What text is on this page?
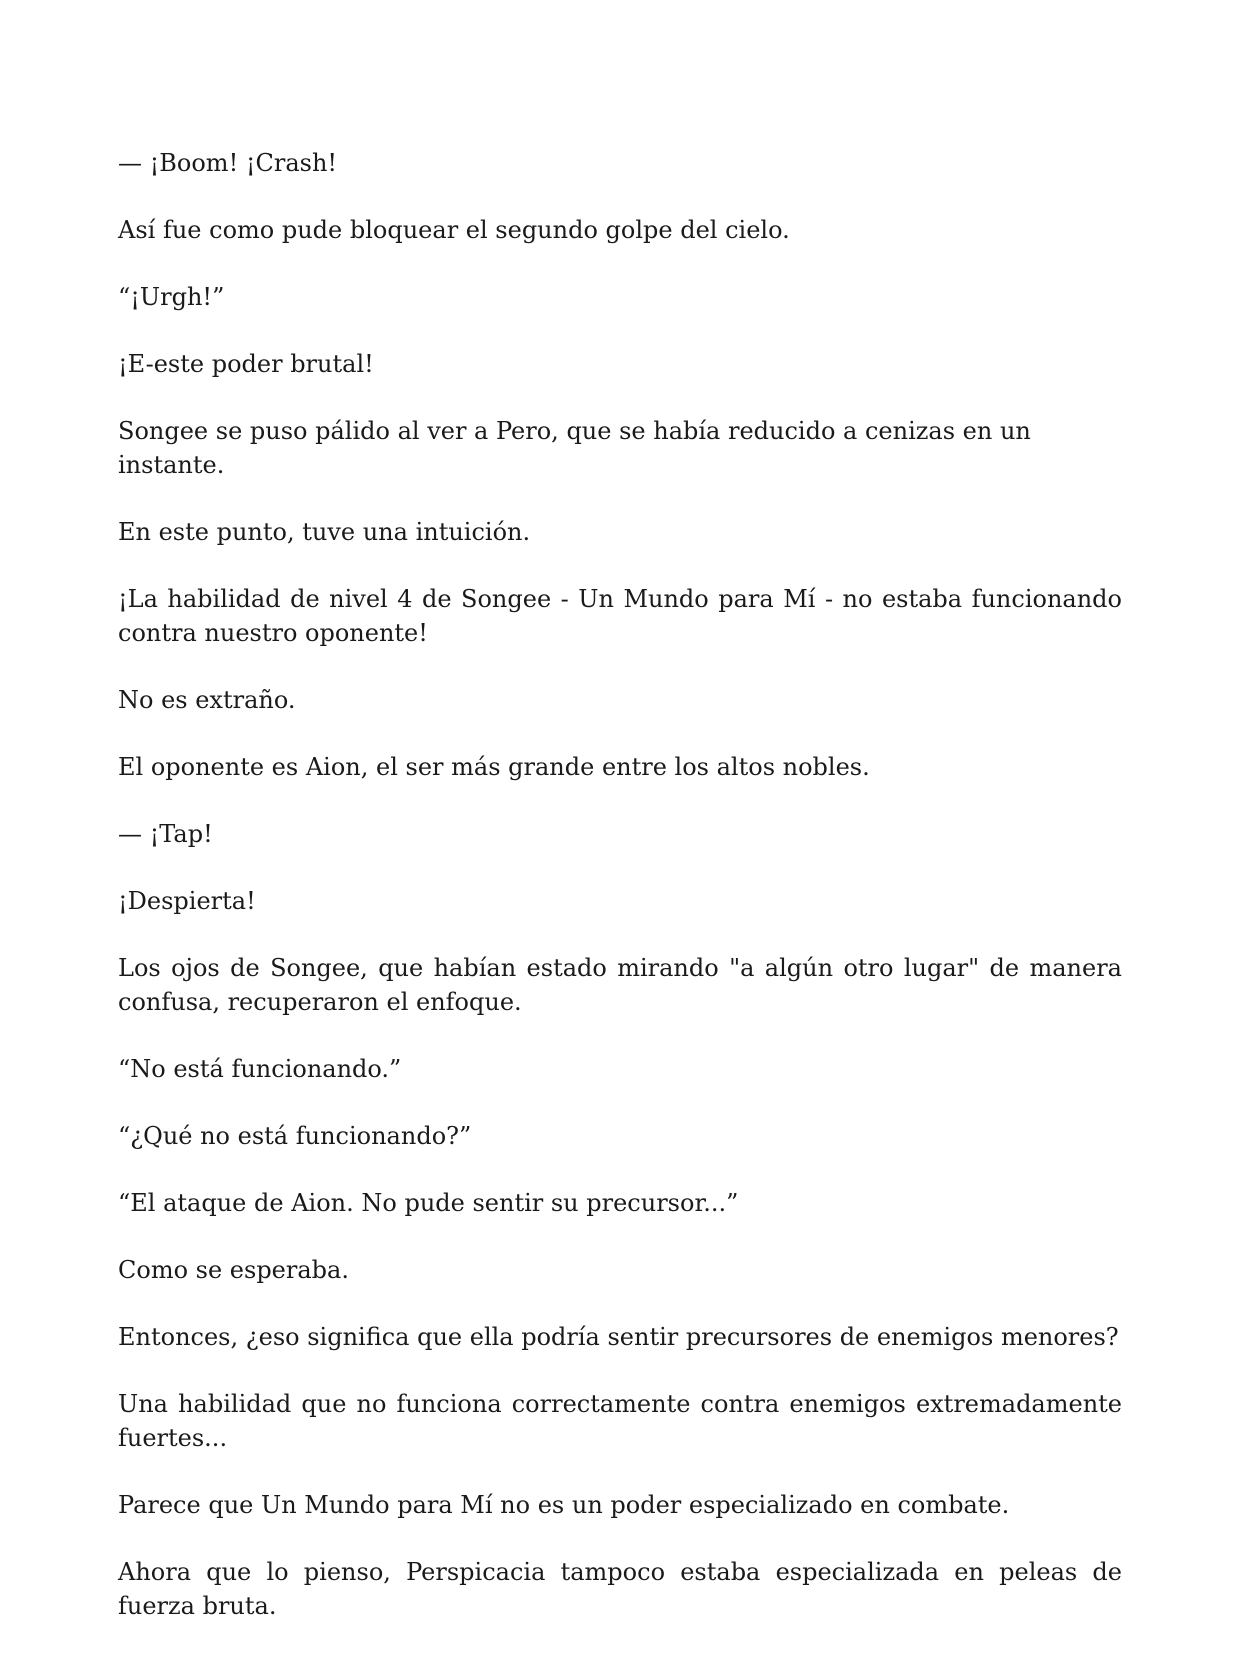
— ¡Boom! ¡Crash!

Así fue como pude bloquear el segundo golpe del cielo.

“¡Urgh!”

¡E-este poder brutal!

Songee se puso pálido al ver a Pero, que se había reducido a cenizas en un instante.

En este punto, tuve una intuición.

¡La habilidad de nivel 4 de Songee - Un Mundo para Mí - no estaba funcionando contra nuestro oponente!

No es extraño.

El oponente es Aion, el ser más grande entre los altos nobles.

— ¡Tap!

¡Despierta!

Los ojos de Songee, que habían estado mirando "a algún otro lugar" de manera confusa, recuperaron el enfoque.

“No está funcionando.”

“¿Qué no está funcionando?”

“El ataque de Aion. No pude sentir su precursor...”

Como se esperaba.

Entonces, ¿eso significa que ella podría sentir precursores de enemigos menores?

Una habilidad que no funciona correctamente contra enemigos extremadamente fuertes...

Parece que Un Mundo para Mí no es un poder especializado en combate.

Ahora que lo pienso, Perspicacia tampoco estaba especializada en peleas de fuerza bruta.
